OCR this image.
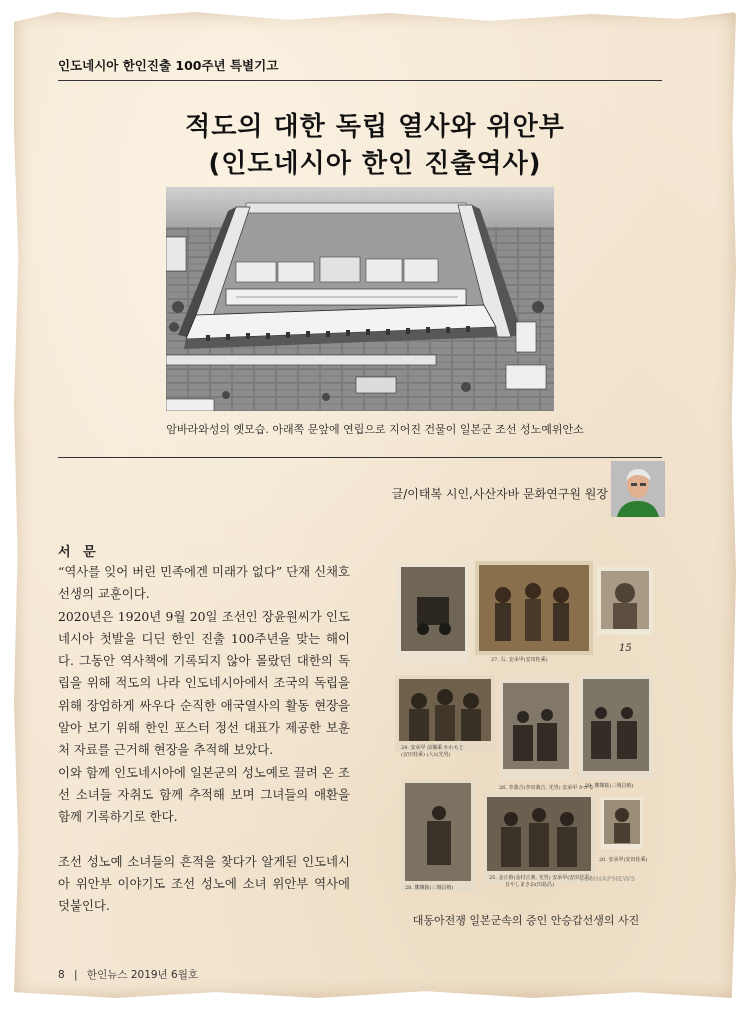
인도네시아 한인진출 100주년 특별기고
적도의 대한 독립 열사와 위안부
(인도네시아 한인 진출역사)
암바라와성의 옛모습. 아래쪽 문앞에 연립으로 지어진 건물이 일본군 조선 성노예위안소
글/이태복 시인,사산자바 문화연구원 원장
서 문

“역사를 잊어 버린 민족에겐 미래가 없다” 단재 신채호 선생의 교훈이다.

2020년은 1920년 9월 20일 조선인 장윤원씨가 인도네시아 첫발을 디딘 한인 진출 100주년을 맞는 해이다. 그동안 역사책에 기록되지 않아 몰랐던 대한의 독립을 위해 적도의 나라 인도네시아에서 조국의 독립을 위해 장엄하게 싸우다 순직한 애국열사의 활동 현장을 알아 보기 위해 한인 포스터 정선 대표가 제공한 보훈처 자료를 근거해 현장을 추적해 보았다.

이와 함께 인도네시아에 일본군의 성노예로 끌려 온 조선 소녀들 자취도 함께 추적해 보며 그녀들의 애환을 함께 기록하기로 한다.

조선 성노예 소녀들의 흔적을 찾다가 알게된 인도네시아 위안부 이야기도 조선 성노에 소녀 위안부 역사에 덧붙인다.

27. 右. 安承甲(安田桂乘)
15
24. 安承甲 前獨乘 かわもと
(安田桂乘) (大山光男)
26. 李義吉(李田義吉, 光男) 安承甲 かかる
29. 鄭韓鉉(三城昌植)
28. 鄭韓鉉(三城昌植)
25. 金正植(金村正義, 光男) 安承甲(安田桂乘)
日やしまさお(田島昌)
20. 安承甲(安田桂乘)
YONHAPNEWS
대동아전쟁 일본군속의 증인 안승갑선생의 사진
8 | 한인뉴스 2019년 6월호
